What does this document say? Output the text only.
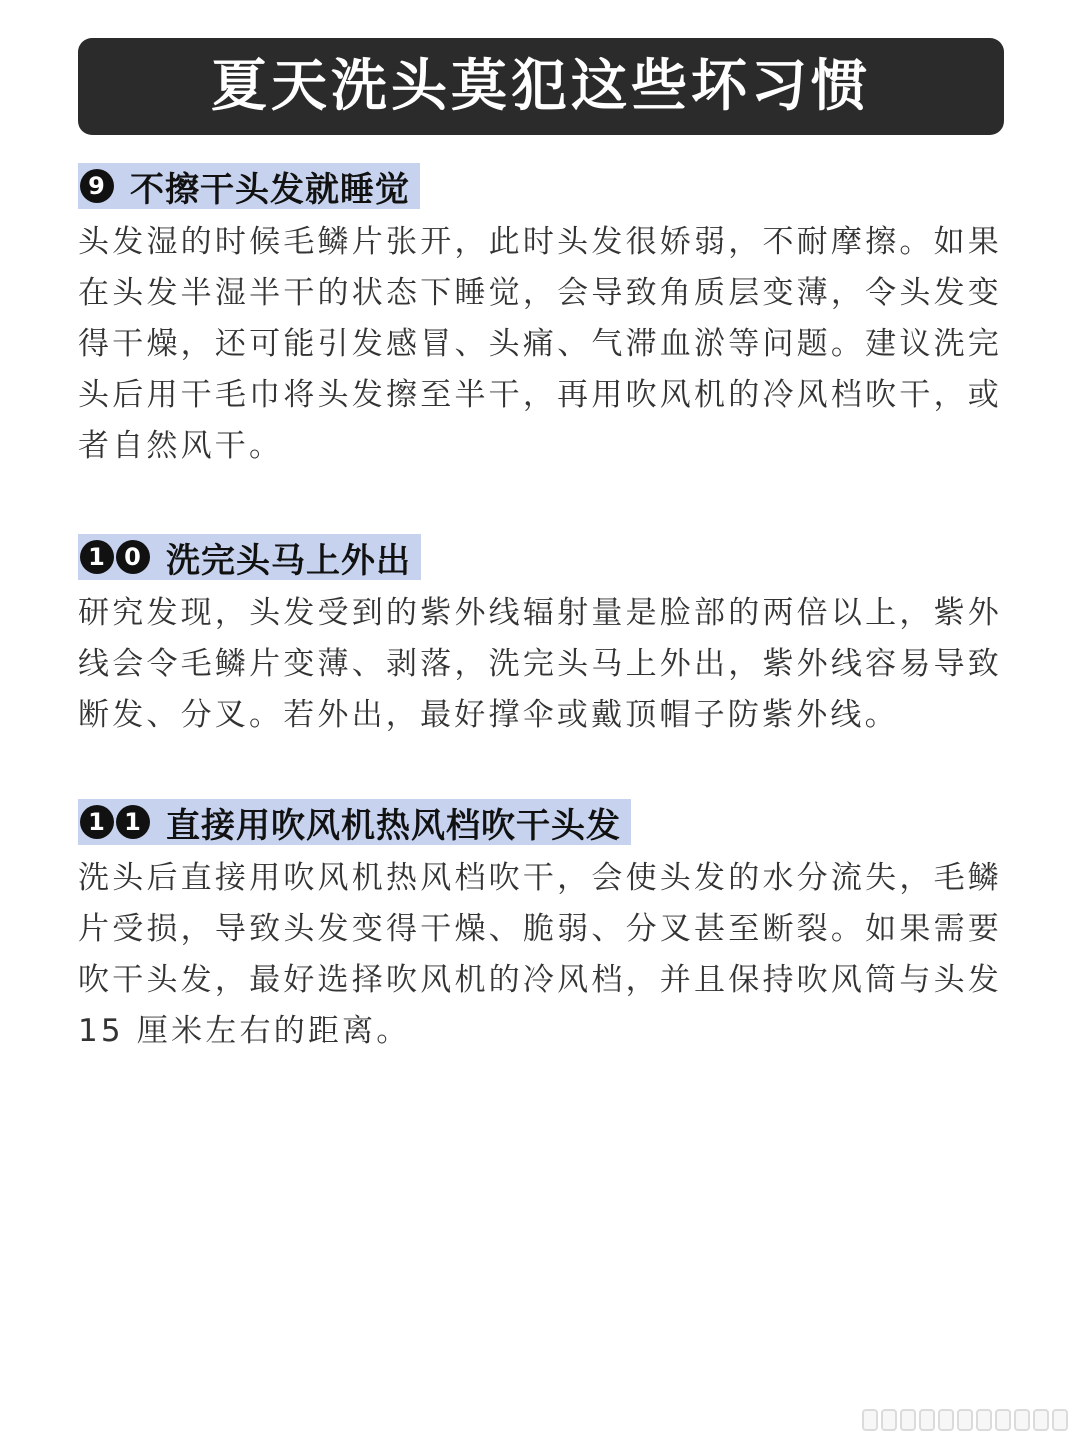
夏天洗头莫犯这些坏习惯
9 不擦干头发就睡觉

头发湿的时候毛鳞片张开，此时头发很娇弱，不耐摩擦。如果在头发半湿半干的状态下睡觉，会导致角质层变薄，令头发变得干燥，还可能引发感冒、头痛、气滞血淤等问题。建议洗完头后用干毛巾将头发擦至半干，再用吹风机的冷风档吹干，或者自然风干。

1 0 洗完头马上外出

研究发现，头发受到的紫外线辐射量是脸部的两倍以上，紫外线会令毛鳞片变薄、剥落，洗完头马上外出，紫外线容易导致断发、分叉。若外出，最好撑伞或戴顶帽子防紫外线。

1 1 直接用吹风机热风档吹干头发

洗头后直接用吹风机热风档吹干，会使头发的水分流失，毛鳞片受损，导致头发变得干燥、脆弱、分叉甚至断裂。如果需要吹干头发，最好选择吹风机的冷风档，并且保持吹风筒与头发 15 厘米左右的距离。
